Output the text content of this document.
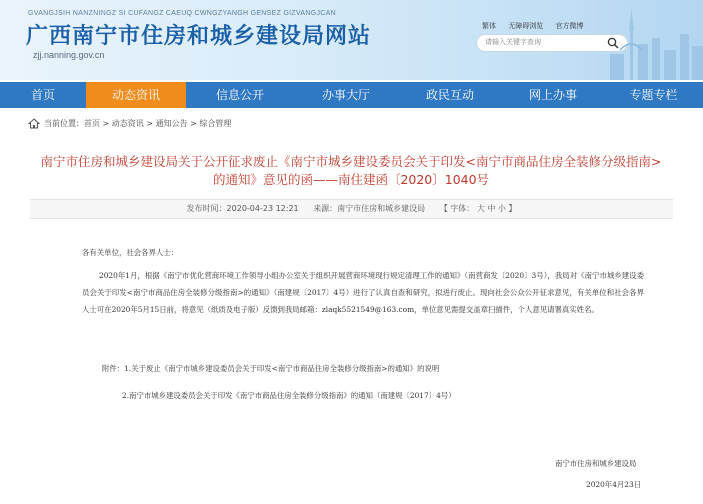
GVANGJSIH NANZNINGZ SI CUFANGZ CAEUQ CWNGZYANGH GENSEZ GIZVANGJCAN
广西南宁市住房和城乡建设局网站
zjj.nanning.gov.cn
繁体 无障碍浏览 官方微博
请输入关键字查询
首页	动态资讯	信息公开	办事大厅	政民互动	网上办事	专题专栏
当前位置：首页 > 动态资讯 > 通知公告 > 综合管理
南宁市住房和城乡建设局关于公开征求废止《南宁市城乡建设委员会关于印发<南宁市商品住房全装修分级指南>的通知》意见的函——南住建函〔2020〕1040号
发布时间：2020-04-23 12:21 来源：南宁市住房和城乡建设局 【 字体： 大 中 小 】
各有关单位，社会各界人士：
2020年1月，根据《南宁市优化营商环境工作领导小组办公室关于组织开展营商环境现行规定清理工作的通知》（南营商发〔2020〕3号），我局对《南宁市城乡建设委员会关于印发<南宁市商品住房全装修分级指南>的通知》（南建规〔2017〕4号）进行了认真自查和研究，拟进行废止。现向社会公众公开征求意见，有关单位和社会各界人士可在2020年5月15日前，将意见（纸质及电子版）反馈到我局邮箱：zlaqk5521549@163.com，单位意见需提交盖章扫描件，个人意见请署真实姓名。
附件：1.关于废止《南宁市城乡建设委员会关于印发<南宁市商品住房全装修分级指南>的通知》的说明
2.南宁市城乡建设委员会关于印发《南宁市商品住房全装修分级指南》的通知（南建规〔2017〕4号）
南宁市住房和城乡建设局
2020年4月23日
